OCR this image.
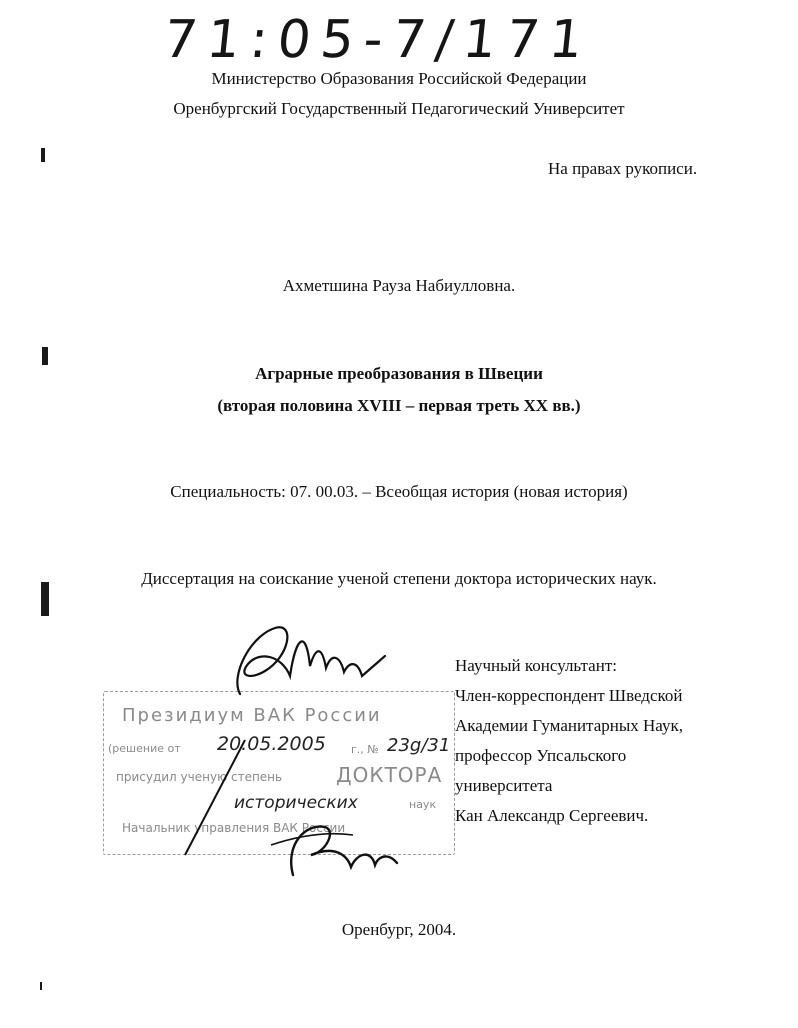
71:05-7/171
Министерство Образования Российской Федерации
Оренбургский Государственный Педагогический Университет
На правах рукописи.
Ахметшина Рауза Набиулловна.
Аграрные преобразования в Швеции
(вторая половина XVIII – первая треть XX вв.)
Специальность: 07. 00.03. – Всеобщая история (новая история)
Диссертация на соискание ученой степени доктора исторических наук.
Научный консультант:
Член-корреспондент Шведской
Академии Гуманитарных Наук,
профессор Упсальского
университета
Кан Александр Сергеевич.
Президиум ВАК России
(решение от 20.05.2005 г., № 23g/31
присудил ученую степень	ДОКТОРА
исторических	наук
Начальник управления ВАК России
Оренбург, 2004.
